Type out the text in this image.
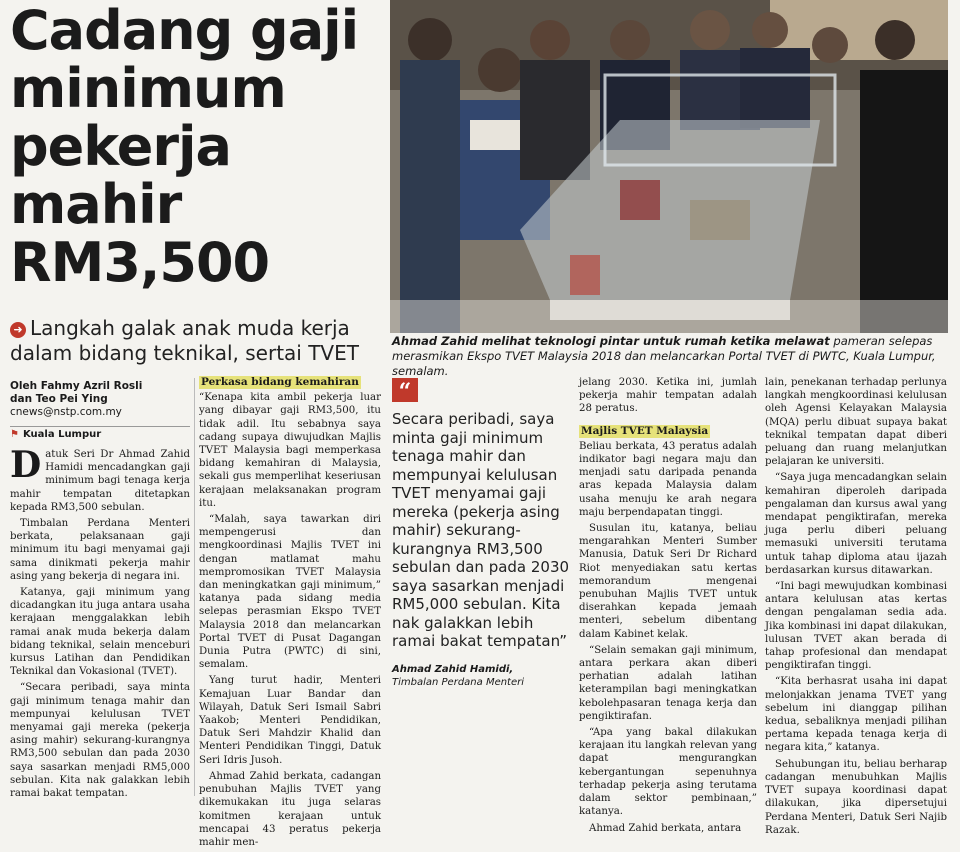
Cadang gaji minimum pekerja mahir RM3,500
Ahmad Zahid melihat teknologi pintar untuk rumah ketika melawat pameran selepas merasmikan Ekspo TVET Malaysia 2018 dan melancarkan Portal TVET di PWTC, Kuala Lumpur, semalam.
➜ Langkah galak anak muda kerja dalam bidang teknikal, sertai TVET
Oleh Fahmy Azril Rosli
dan Teo Pei Ying
cnews@nstp.com.my
⚑ Kuala Lumpur

Datuk Seri Dr Ahmad Zahid Hamidi mencadangkan gaji minimum bagi tenaga kerja mahir tempatan ditetapkan kepada RM3,500 sebulan.

Timbalan Perdana Menteri berkata, pelaksanaan gaji minimum itu bagi menyamai gaji sama dinikmati pekerja mahir asing yang bekerja di negara ini.

Katanya, gaji minimum yang dicadangkan itu juga antara usaha kerajaan menggalakkan lebih ramai anak muda bekerja dalam bidang teknikal, selain menceburi kursus Latihan dan Pendidikan Teknikal dan Vokasional (TVET).

“Secara peribadi, saya minta gaji minimum tenaga mahir dan mempunyai kelulusan TVET menyamai gaji mereka (pekerja asing mahir) sekurang-kurangnya RM3,500 sebulan dan pada 2030 saya sasarkan menjadi RM5,000 sebulan. Kita nak galakkan lebih ramai bakat tempatan.

Perkasa bidang kemahiran

“Kenapa kita ambil pekerja luar yang dibayar gaji RM3,500, itu tidak adil. Itu sebabnya saya cadang supaya diwujudkan Majlis TVET Malaysia bagi memperkasa bidang kemahiran di Malaysia, sekali gus memperlihat keseriusan kerajaan melaksanakan program itu.

“Malah, saya tawarkan diri mempengerusi dan mengkoordinasi Majlis TVET ini dengan matlamat mahu mempromosikan TVET Malaysia dan meningkatkan gaji minimum,” katanya pada sidang media selepas perasmian Ekspo TVET Malaysia 2018 dan melancarkan Portal TVET di Pusat Dagangan Dunia Putra (PWTC) di sini, semalam.

Yang turut hadir, Menteri Kemajuan Luar Bandar dan Wilayah, Datuk Seri Ismail Sabri Yaakob; Menteri Pendidikan, Datuk Seri Mahdzir Khalid dan Menteri Pendidikan Tinggi, Datuk Seri Idris Jusoh.

Ahmad Zahid berkata, cadangan penubuhan Majlis TVET yang dikemukakan itu juga selaras komitmen kerajaan untuk mencapai 43 peratus pekerja mahir men-

“
Secara peribadi, saya minta gaji minimum tenaga mahir dan mempunyai kelulusan TVET menyamai gaji mereka (pekerja asing mahir) sekurang-kurangnya RM3,500 sebulan dan pada 2030 saya sasarkan menjadi RM5,000 sebulan. Kita nak galakkan lebih ramai bakat tempatan”
Ahmad Zahid Hamidi,
Timbalan Perdana Menteri

jelang 2030. Ketika ini, jumlah pekerja mahir tempatan adalah 28 peratus.

Majlis TVET Malaysia

Beliau berkata, 43 peratus adalah indikator bagi negara maju dan menjadi satu daripada penanda aras kepada Malaysia dalam usaha menuju ke arah negara maju berpendapatan tinggi.

Susulan itu, katanya, beliau mengarahkan Menteri Sumber Manusia, Datuk Seri Dr Richard Riot menyediakan satu kertas memorandum mengenai penubuhan Majlis TVET untuk diserahkan kepada jemaah menteri, sebelum dibentang dalam Kabinet kelak.

“Selain semakan gaji minimum, antara perkara akan diberi perhatian adalah latihan keterampilan bagi meningkatkan kebolehpasaran tenaga kerja dan pengiktirafan.

“Apa yang bakal dilakukan kerajaan itu langkah relevan yang dapat mengurangkan kebergantungan sepenuhnya terhadap pekerja asing terutama dalam sektor pembinaan,” katanya.

Ahmad Zahid berkata, antara

lain, penekanan terhadap perlunya langkah mengkoordinasi kelulusan oleh Agensi Kelayakan Malaysia (MQA) perlu dibuat supaya bakat teknikal tempatan dapat diberi peluang dan ruang melanjutkan pelajaran ke universiti.

“Saya juga mencadangkan selain kemahiran diperoleh daripada pengalaman dan kursus awal yang mendapat pengiktirafan, mereka juga perlu diberi peluang memasuki universiti terutama untuk tahap diploma atau ijazah berdasarkan kursus ditawarkan.

“Ini bagi mewujudkan kombinasi antara kelulusan atas kertas dengan pengalaman sedia ada. Jika kombinasi ini dapat dilakukan, lulusan TVET akan berada di tahap profesional dan mendapat pengiktirafan tinggi.

“Kita berhasrat usaha ini dapat melonjakkan jenama TVET yang sebelum ini dianggap pilihan kedua, sebaliknya menjadi pilihan pertama kepada tenaga kerja di negara kita,” katanya.

Sehubungan itu, beliau berharap cadangan menubuhkan Majlis TVET supaya koordinasi dapat dilakukan, jika dipersetujui Perdana Menteri, Datuk Seri Najib Razak.
